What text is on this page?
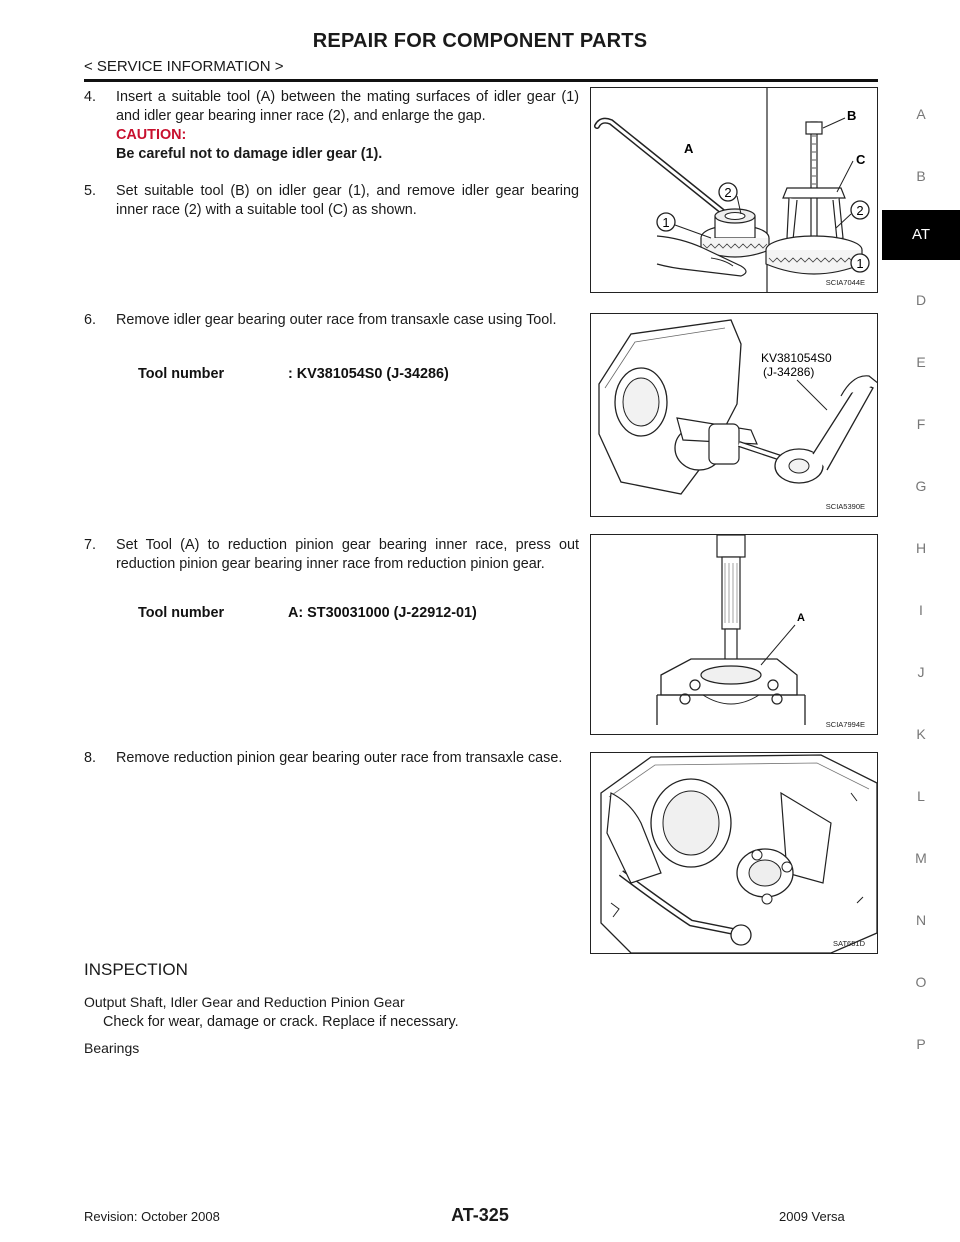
REPAIR FOR COMPONENT PARTS
< SERVICE INFORMATION >
A
B
AT
D
E
F
G
H
I
J
K
L
M
N
O
P
4. Insert a suitable tool (A) between the mating surfaces of idler gear (1) and idler gear bearing inner race (2), and enlarge the gap.
CAUTION:
Be careful not to damage idler gear (1).
5. Set suitable tool (B) on idler gear (1), and remove idler gear bearing inner race (2) with a suitable tool (C) as shown.
2
1
A
B
C
2
1
SCIA7044E
6. Remove idler gear bearing outer race from transaxle case using Tool.
Tool number	: KV381054S0 (J-34286)
KV381054S0
(J-34286)
SCIA5390E
7. Set Tool (A) to reduction pinion gear bearing inner race, press out reduction pinion gear bearing inner race from reduction pinion gear.
Tool number	A: ST30031000 (J-22912-01)	A
SCIA7994E
8. Remove reduction pinion gear bearing outer race from transaxle case.
SAT651D
INSPECTION
Output Shaft, Idler Gear and Reduction Pinion Gear
Check for wear, damage or crack. Replace if necessary.
Bearings
Revision: October 2008	AT-325	2009 Versa
